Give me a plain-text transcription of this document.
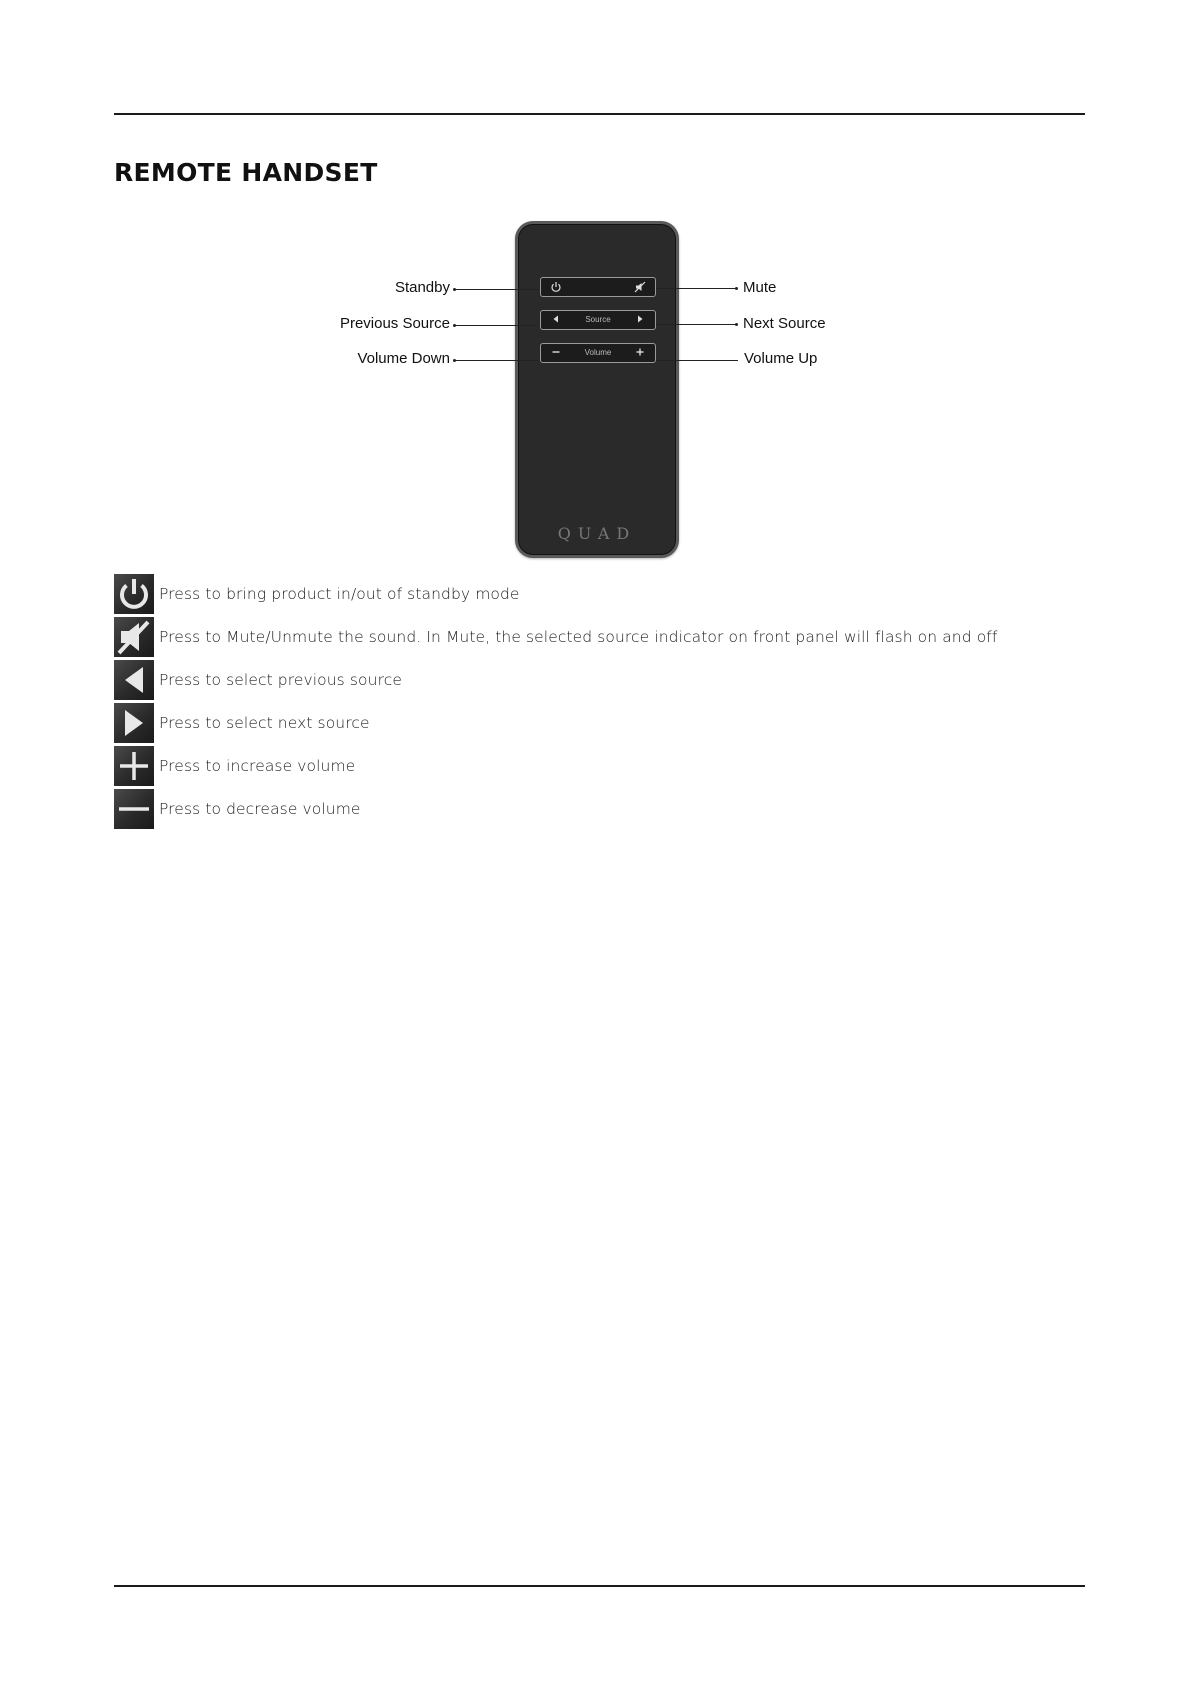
REMOTE HANDSET
Source
Volume
QUAD
Standby
Previous Source
Volume Down
Mute
Next Source
Volume Up
Press to bring product in/out of standby mode
Press to Mute/Unmute the sound. In Mute, the selected source indicator on front panel will flash on and off
Press to select previous source
Press to select next source
Press to increase volume
Press to decrease volume
